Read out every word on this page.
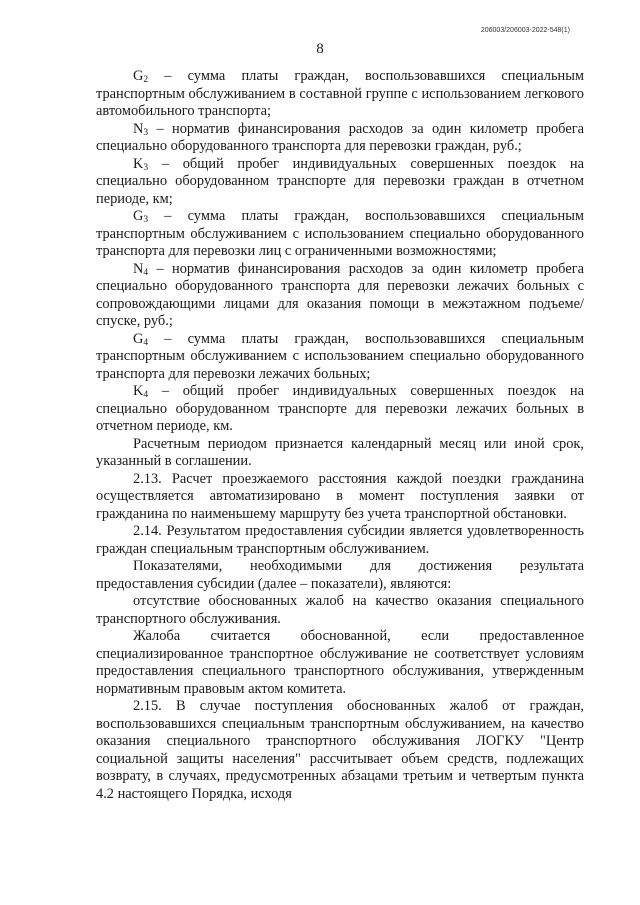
206003/206003-2022-548(1)
8

$G_2$ – сумма платы граждан, воспользовавшихся специальным транспортным обслуживанием в составной группе с использованием легкового автомобильного транспорта;

$N_3$ – норматив финансирования расходов за один километр пробега специально оборудованного транспорта для перевозки граждан, руб.;

$K_3$ – общий пробег индивидуальных совершенных поездок на специально оборудованном транспорте для перевозки граждан в отчетном периоде, км;

$G_3$ – сумма платы граждан, воспользовавшихся специальным транспортным обслуживанием с использованием специально оборудованного транспорта для перевозки лиц с ограниченными возможностями;

$N_4$ – норматив финансирования расходов за один километр пробега специально оборудованного транспорта для перевозки лежачих больных с сопровождающими лицами для оказания помощи в межэтажном подъеме/спуске, руб.;

$G_4$ – сумма платы граждан, воспользовавшихся специальным транспортным обслуживанием с использованием специально оборудованного транспорта для перевозки лежачих больных;

$K_4$ – общий пробег индивидуальных совершенных поездок на специально оборудованном транспорте для перевозки лежачих больных в отчетном периоде, км.

Расчетным периодом признается календарный месяц или иной срок, указанный в соглашении.

2.13. Расчет проезжаемого расстояния каждой поездки гражданина осуществляется автоматизировано в момент поступления заявки от гражданина по наименьшему маршруту без учета транспортной обстановки.

2.14. Результатом предоставления субсидии является удовлетворенность граждан специальным транспортным обслуживанием.

Показателями, необходимыми для достижения результата предоставления субсидии (далее – показатели), являются:

отсутствие обоснованных жалоб на качество оказания специального транспортного обслуживания.

Жалоба считается обоснованной, если предоставленное специализированное транспортное обслуживание не соответствует условиям предоставления специального транспортного обслуживания, утвержденным нормативным правовым актом комитета.

2.15. В случае поступления обоснованных жалоб от граждан, воспользовавшихся специальным транспортным обслуживанием, на качество оказания специального транспортного обслуживания ЛОГКУ "Центр социальной защиты населения" рассчитывает объем средств, подлежащих возврату, в случаях, предусмотренных абзацами третьим и четвертым пункта 4.2 настоящего Порядка, исходя
